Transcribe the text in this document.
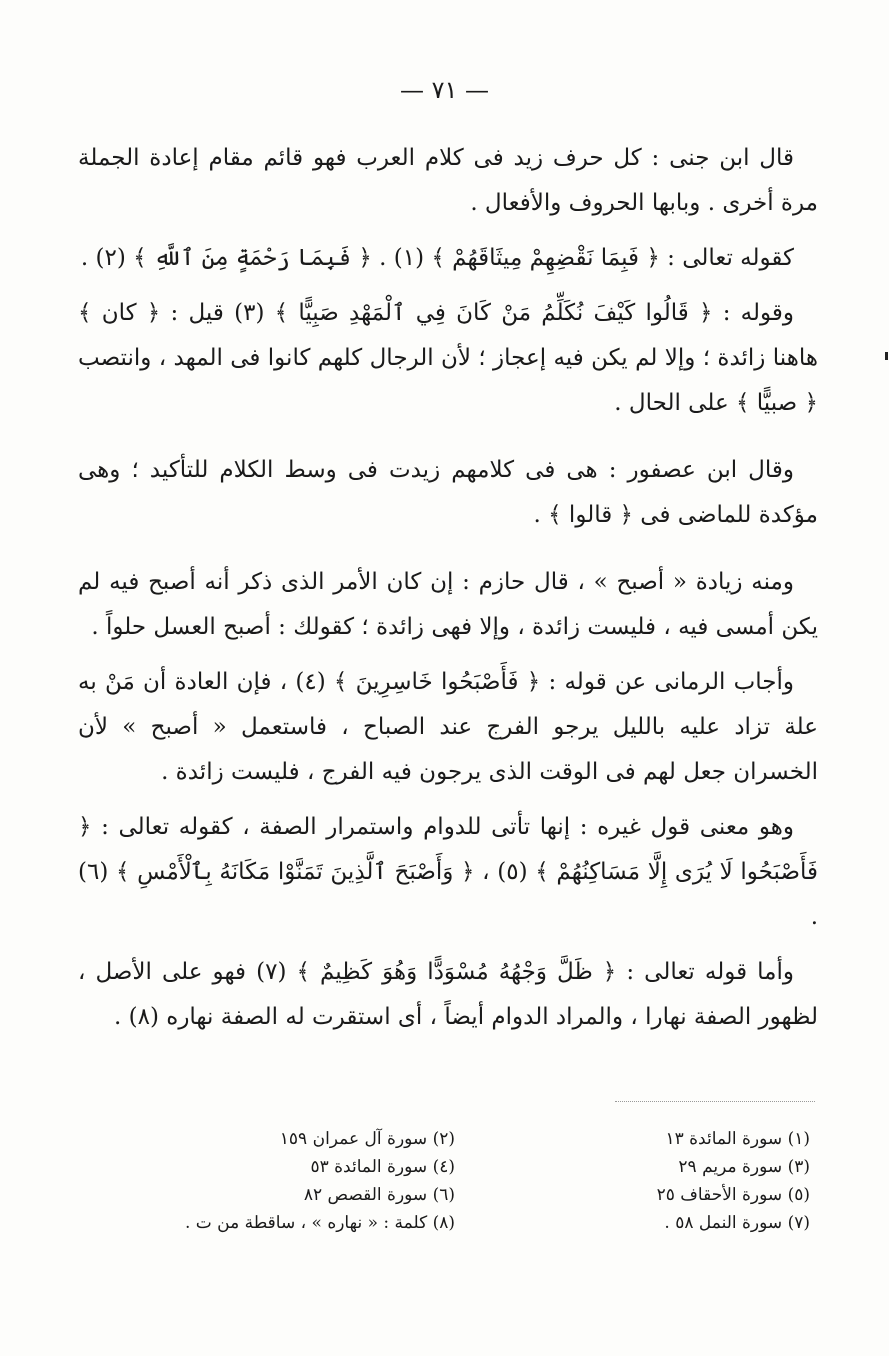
— ٧١ —

قال ابن جنى : كل حرف زيد فى كلام العرب فهو قائم مقام إعادة الجملة مرة أخرى . وبابها الحروف والأفعال .

كقوله تعالى : ﴿ فَبِمَا نَقْضِهِمْ مِيثَاقَهُمْ ﴾ (١) . ﴿ فَبِمَا رَحْمَةٍ مِنَ ٱللَّهِ ﴾ (٢) .

وقوله : ﴿ قَالُوا كَيْفَ نُكَلِّمُ مَنْ كَانَ فِي ٱلْمَهْدِ صَبِيًّا ﴾ (٣) قيل : ﴿ كان ﴾ هاهنا زائدة ؛ وإلا لم يكن فيه إعجاز ؛ لأن الرجال كلهم كانوا فى المهد ، وانتصب ﴿ صبيًّا ﴾ على الحال .

وقال ابن عصفور : هى فى كلامهم زيدت فى وسط الكلام للتأكيد ؛ وهى مؤكدة للماضى فى ﴿ قالوا ﴾ .

ومنه زيادة « أصبح » ، قال حازم : إن كان الأمر الذى ذكر أنه أصبح فيه لم يكن أمسى فيه ، فليست زائدة ، وإلا فهى زائدة ؛ كقولك : أصبح العسل حلواً .

وأجاب الرمانى عن قوله : ﴿ فَأَصْبَحُوا خَاسِرِينَ ﴾ (٤) ، فإن العادة أن مَنْ به علة تزاد عليه بالليل يرجو الفرج عند الصباح ، فاستعمل « أصبح » لأن الخسران جعل لهم فى الوقت الذى يرجون فيه الفرج ، فليست زائدة .

وهو معنى قول غيره : إنها تأتى للدوام واستمرار الصفة ، كقوله تعالى : ﴿ فَأَصْبَحُوا لَا يُرَى إِلَّا مَسَاكِنُهُمْ ﴾ (٥) ، ﴿ وَأَصْبَحَ ٱلَّذِينَ تَمَنَّوْا مَكَانَهُ بِٱلْأَمْسِ ﴾ (٦) .

وأما قوله تعالى : ﴿ ظَلَّ وَجْهُهُ مُسْوَدًّا وَهُوَ كَظِيمٌ ﴾ (٧) فهو على الأصل ، لظهور الصفة نهارا ، والمراد الدوام أيضاً ، أى استقرت له الصفة نهاره (٨) .

(١) سورة المائدة ١٣
(٢) سورة آل عمران ١٥٩
(٣) سورة مريم ٢٩
(٤) سورة المائدة ٥٣
(٥) سورة الأحقاف ٢٥
(٦) سورة القصص ٨٢
(٧) سورة النمل ٥٨ .
(٨) كلمة : « نهاره » ، ساقطة من ت .
